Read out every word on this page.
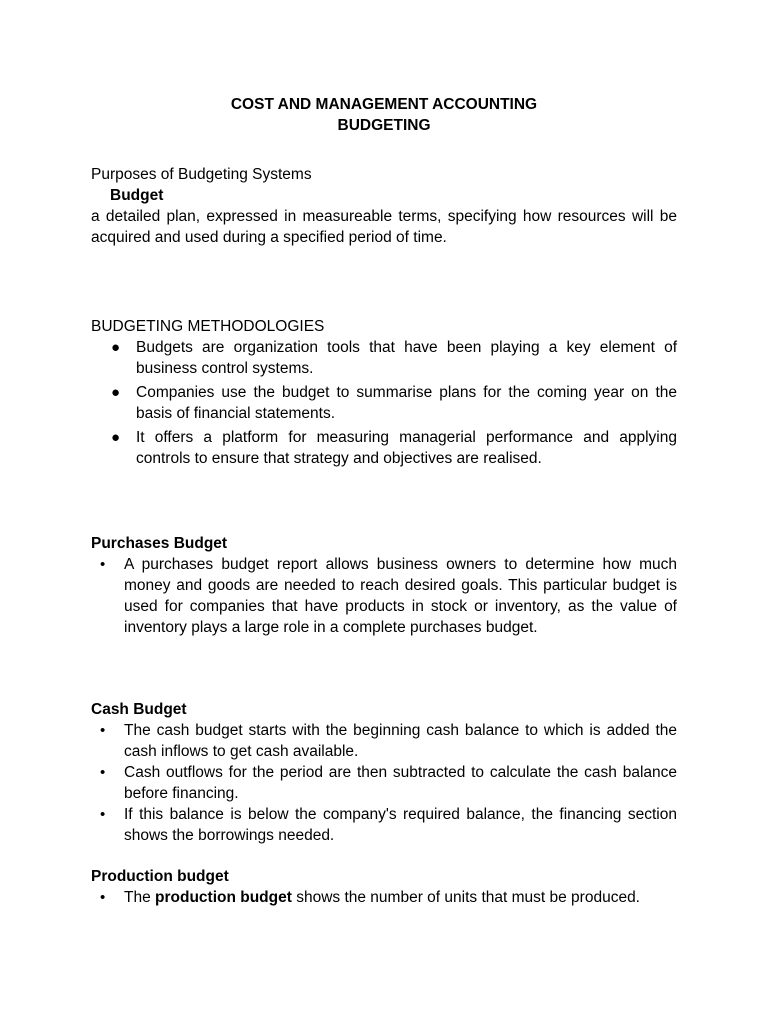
COST AND MANAGEMENT ACCOUNTING
BUDGETING
Purposes of Budgeting Systems
Budget
a detailed plan, expressed in measureable terms, specifying how resources will be acquired and used during a specified period of time.
BUDGETING METHODOLOGIES
● Budgets are organization tools that have been playing a key element of business control systems.
● Companies use the budget to summarise plans for the coming year on the basis of financial statements.
● It offers a platform for measuring managerial performance and applying controls to ensure that strategy and objectives are realised.
Purchases Budget
• A purchases budget report allows business owners to determine how much money and goods are needed to reach desired goals. This particular budget is used for companies that have products in stock or inventory, as the value of inventory plays a large role in a complete purchases budget.
Cash Budget
• The cash budget starts with the beginning cash balance to which is added the cash inflows to get cash available.
• Cash outflows for the period are then subtracted to calculate the cash balance before financing.
• If this balance is below the company's required balance, the financing section shows the borrowings needed.
Production budget
• The production budget shows the number of units that must be produced.
